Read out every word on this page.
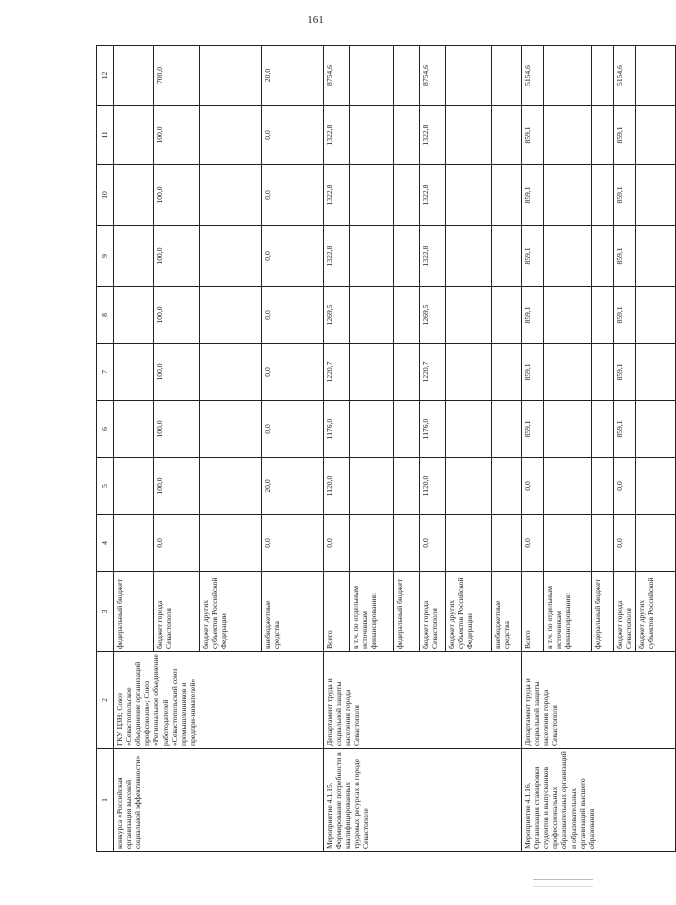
161
1	2	3	4	5	6	7	8	9	10	11	12
конкурса «Российская организация высокой социальной эффективности»	ГКУ ЦЗН; Союз «Севастопольское объединение организаций профсоюзов»; Союз «Региональное объединение работодателей «Севастопольский союз промышленников и предпри-нимателей»	федеральный бюджет									
		бюджет города Севастополя	0,0	100,0	100,0	100,0	100,0	100,0	100,0	100,0	700,0
		бюджет других субъектов Российской Федерации									
		внебюджетные средства	0,0	20,0	0,0	0,0	0,0	0,0	0,0	0,0	20,0
Мероприятие 4.1.15. Формирование потребности в квалифицированных трудовых ресурсах в городе Севастополе	Департамент труда и социальной защиты населения города Севастополя	Всего	0,0	1120,0	1176,0	1220,7	1269,5	1322,8	1322,8	1322,8	8754,6
		в т.ч. по отдельным источникам финансирования:									
		федеральный бюджет									
		бюджет города Севастополя	0,0	1120,0	1176,0	1220,7	1269,5	1322,8	1322,8	1322,8	8754,6
		бюджет других субъектов Российской Федерации									
		внебюджетные средства									
Мероприятие 4.1.16. Организация стажировки студентов и выпускников профессиональных образовательных организаций и образовательных организаций высшего образования	Департамент труда и социальной защиты населения города Севастополя	Всего	0,0	0,0	859,1	859,1	859,1	859,1	859,1	859,1	5154,6
		в т.ч. по отдельным источникам финансирования:									
		федеральный бюджет									
		бюджет города Севастополя	0,0	0,0	859,1	859,1	859,1	859,1	859,1	859,1	5154,6
		бюджет других субъектов Российской									
